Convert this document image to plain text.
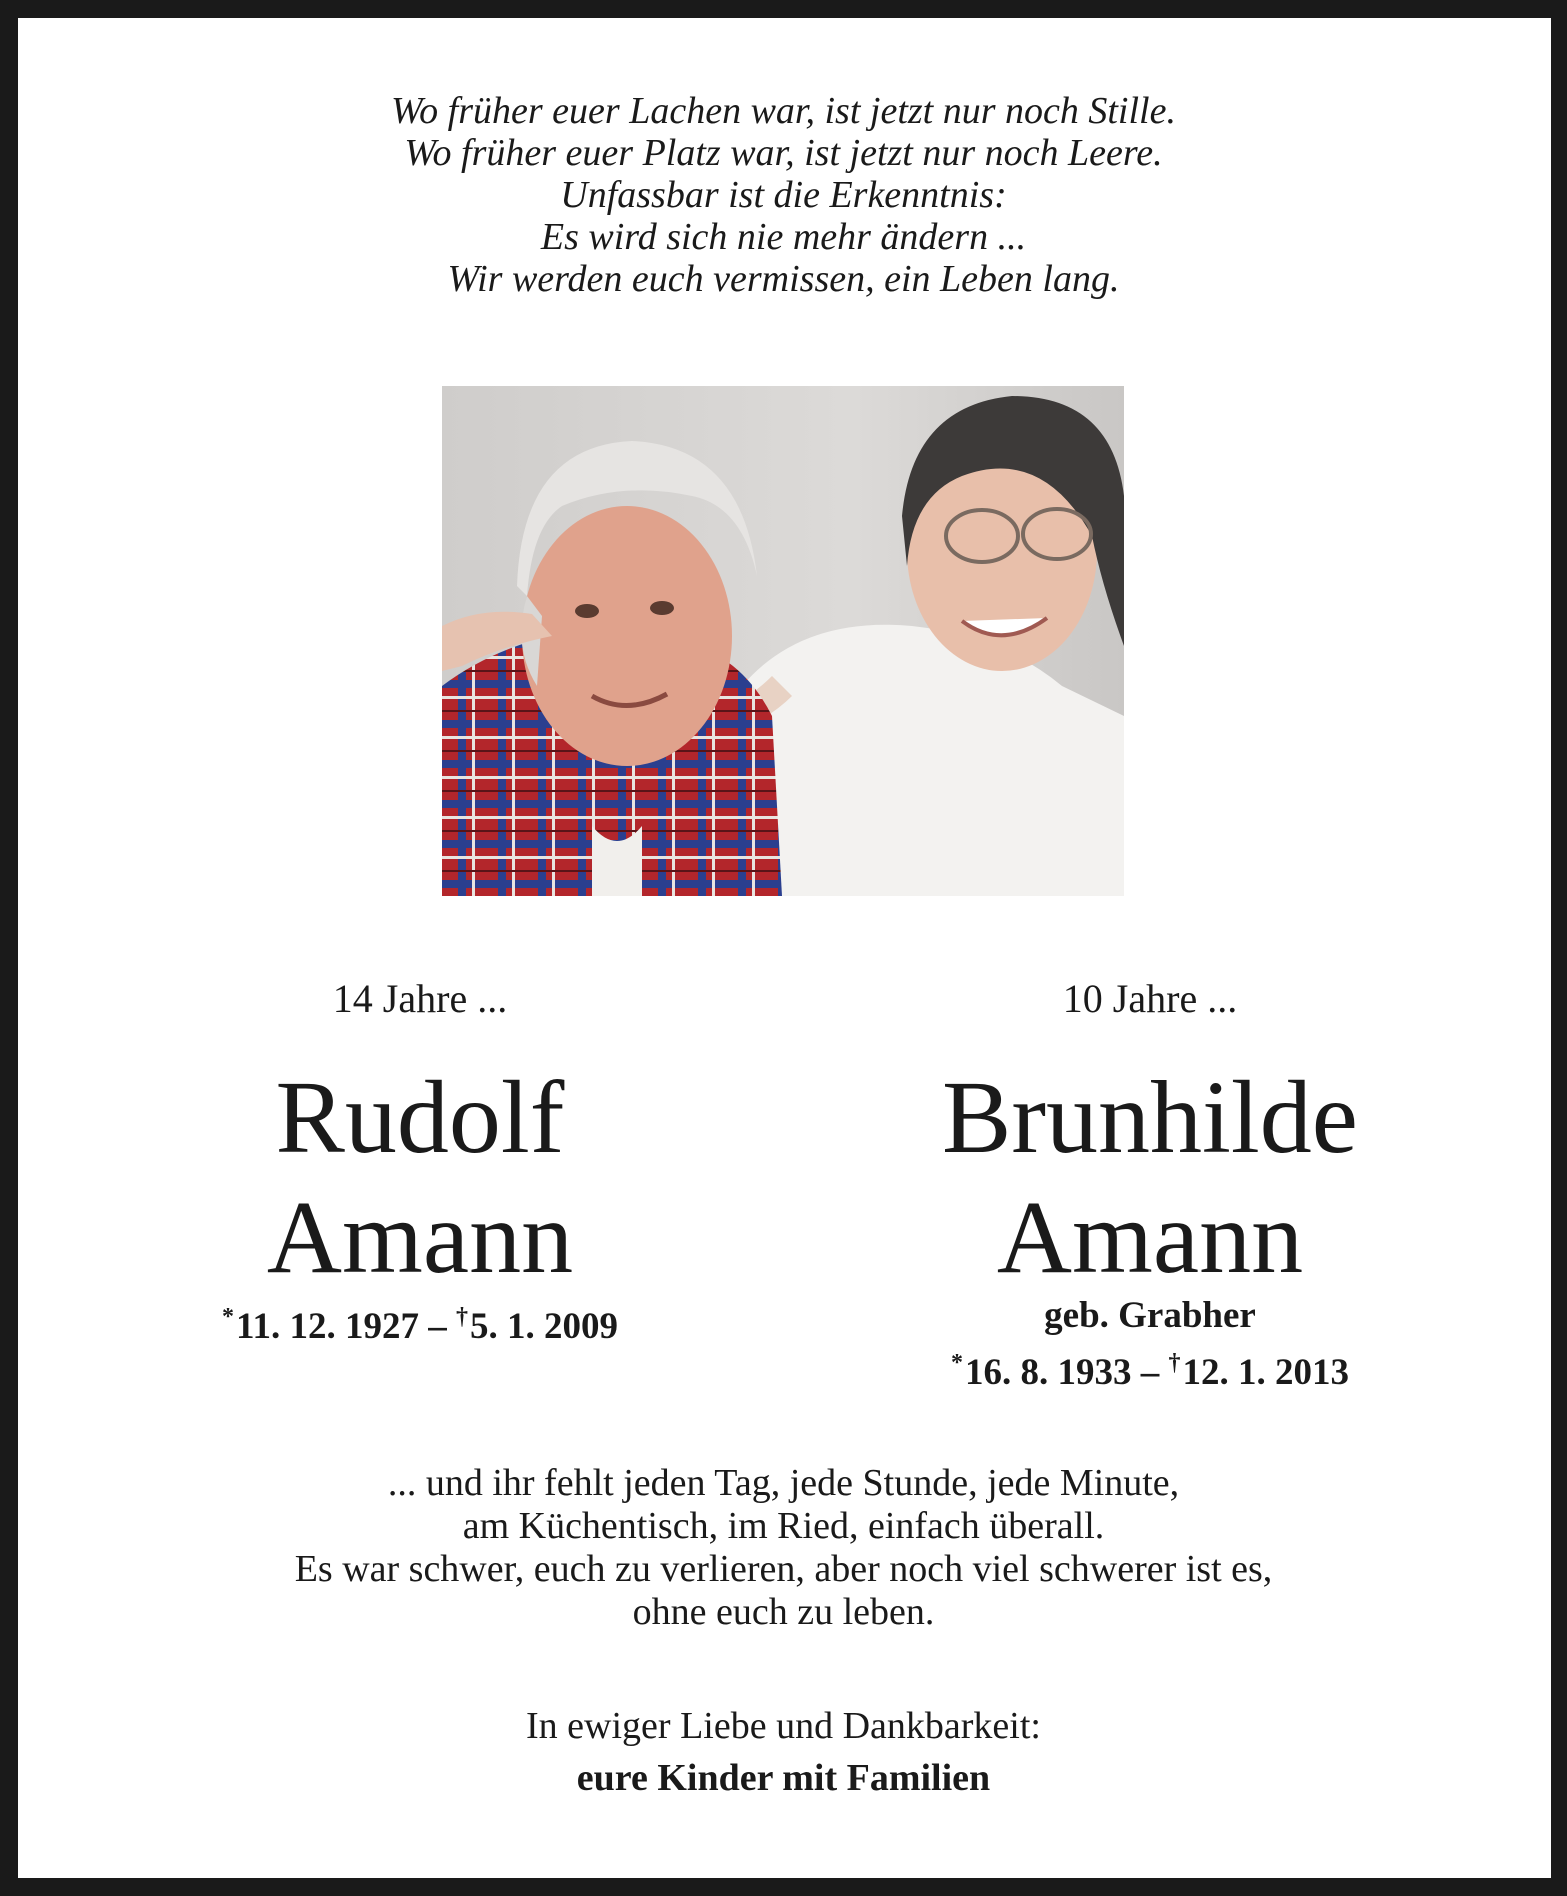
Wo früher euer Lachen war, ist jetzt nur noch Stille.
Wo früher euer Platz war, ist jetzt nur noch Leere.
Unfassbar ist die Erkenntnis:
Es wird sich nie mehr ändern ...
Wir werden euch vermissen, ein Leben lang.

14 Jahre ...

Rudolf

Amann

*11. 12. 1927 – †5. 1. 2009

10 Jahre ...

Brunhilde

Amann

geb. Grabher

*16. 8. 1933 – †12. 1. 2013

... und ihr fehlt jeden Tag, jede Stunde, jede Minute,
am Küchentisch, im Ried, einfach überall.
Es war schwer, euch zu verlieren, aber noch viel schwerer ist es,
ohne euch zu leben.

In ewiger Liebe und Dankbarkeit:

eure Kinder mit Familien
